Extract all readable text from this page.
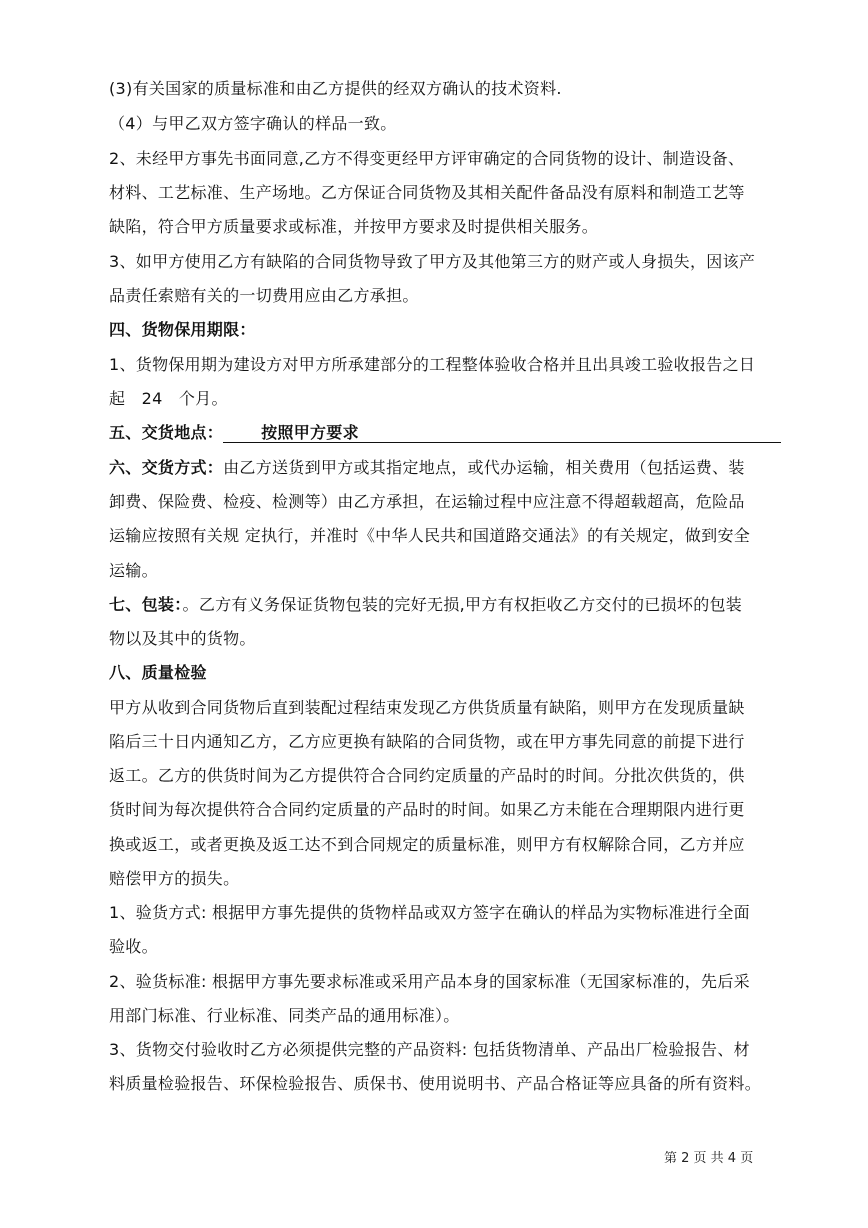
(3)有关国家的质量标准和由乙方提供的经双方确认的技术资料.
（4）与甲乙双方签字确认的样品一致。
2、未经甲方事先书面同意,乙方不得变更经甲方评审确定的合同货物的设计、制造设备、
材料、工艺标准、生产场地。乙方保证合同货物及其相关配件备品没有原料和制造工艺等
缺陷，符合甲方质量要求或标准，并按甲方要求及时提供相关服务。
3、如甲方使用乙方有缺陷的合同货物导致了甲方及其他第三方的财产或人身损失，因该产
品责任索赔有关的一切费用应由乙方承担。
四、货物保用期限：
1、货物保用期为建设方对甲方所承建部分的工程整体验收合格并且出具竣工验收报告之日
起　24　个月。
五、交货地点： 按照甲方要求
六、交货方式：由乙方送货到甲方或其指定地点，或代办运输，相关费用（包括运费、装
卸费、保险费、检疫、检测等）由乙方承担，在运输过程中应注意不得超载超高，危险品
运输应按照有关规 定执行，并准时《中华人民共和国道路交通法》的有关规定，做到安全
运输。
七、包装：。乙方有义务保证货物包装的完好无损,甲方有权拒收乙方交付的已损坏的包装
物以及其中的货物。
八、质量检验
甲方从收到合同货物后直到装配过程结束发现乙方供货质量有缺陷，则甲方在发现质量缺
陷后三十日内通知乙方，乙方应更换有缺陷的合同货物，或在甲方事先同意的前提下进行
返工。乙方的供货时间为乙方提供符合合同约定质量的产品时的时间。分批次供货的，供
货时间为每次提供符合合同约定质量的产品时的时间。如果乙方未能在合理期限内进行更
换或返工，或者更换及返工达不到合同规定的质量标准，则甲方有权解除合同，乙方并应
赔偿甲方的损失。
1、验货方式: 根据甲方事先提供的货物样品或双方签字在确认的样品为实物标准进行全面
验收。
2、验货标准: 根据甲方事先要求标准或采用产品本身的国家标准（无国家标准的，先后采
用部门标准、行业标准、同类产品的通用标准）。
3、货物交付验收时乙方必须提供完整的产品资料: 包括货物清单、产品出厂检验报告、材
料质量检验报告、环保检验报告、质保书、使用说明书、产品合格证等应具备的所有资料。
第 2 页 共 4 页
